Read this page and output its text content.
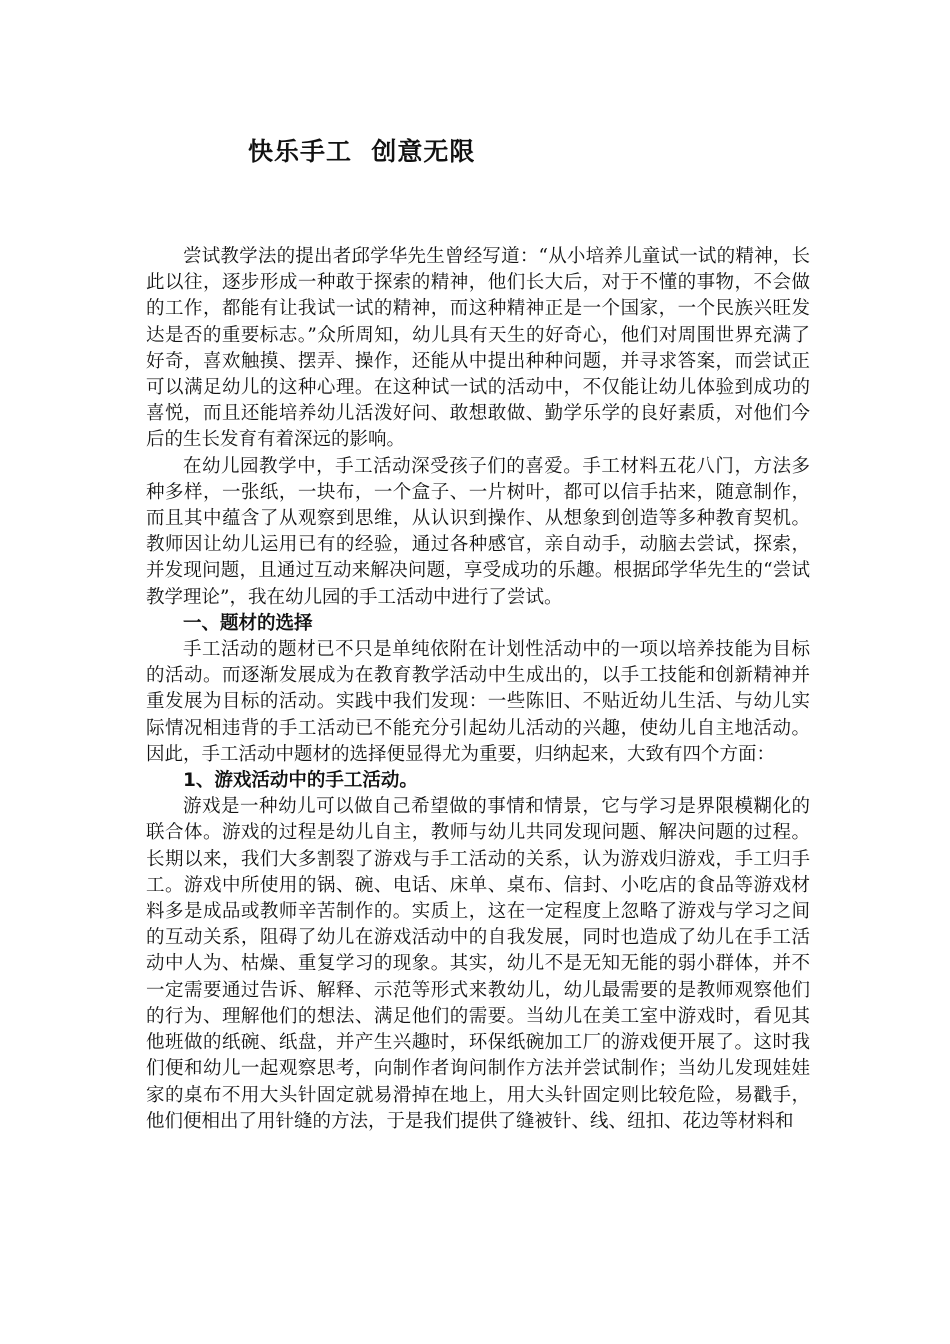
快乐手工  创意无限

尝试教学法的提出者邱学华先生曾经写道：“从小培养儿童试一试的精神，长此以往，逐步形成一种敢于探索的精神，他们长大后，对于不懂的事物，不会做的工作，都能有让我试一试的精神，而这种精神正是一个国家，一个民族兴旺发达是否的重要标志。”众所周知，幼儿具有天生的好奇心，他们对周围世界充满了好奇，喜欢触摸、摆弄、操作，还能从中提出种种问题，并寻求答案，而尝试正可以满足幼儿的这种心理。在这种试一试的活动中，不仅能让幼儿体验到成功的喜悦，而且还能培养幼儿活泼好问、敢想敢做、勤学乐学的良好素质，对他们今后的生长发育有着深远的影响。

在幼儿园教学中，手工活动深受孩子们的喜爱。手工材料五花八门，方法多种多样，一张纸，一块布，一个盒子、一片树叶，都可以信手拈来，随意制作，而且其中蕴含了从观察到思维，从认识到操作、从想象到创造等多种教育契机。教师因让幼儿运用已有的经验，通过各种感官，亲自动手，动脑去尝试，探索，并发现问题，且通过互动来解决问题，享受成功的乐趣。根据邱学华先生的“尝试教学理论”，我在幼儿园的手工活动中进行了尝试。

一、题材的选择

手工活动的题材已不只是单纯依附在计划性活动中的一项以培养技能为目标的活动。而逐渐发展成为在教育教学活动中生成出的，以手工技能和创新精神并重发展为目标的活动。实践中我们发现：一些陈旧、不贴近幼儿生活、与幼儿实际情况相违背的手工活动已不能充分引起幼儿活动的兴趣，使幼儿自主地活动。因此，手工活动中题材的选择便显得尤为重要，归纳起来，大致有四个方面：

1、游戏活动中的手工活动。

游戏是一种幼儿可以做自己希望做的事情和情景，它与学习是界限模糊化的联合体。游戏的过程是幼儿自主，教师与幼儿共同发现问题、解决问题的过程。长期以来，我们大多割裂了游戏与手工活动的关系，认为游戏归游戏，手工归手工。游戏中所使用的锅、碗、电话、床单、桌布、信封、小吃店的食品等游戏材料多是成品或教师辛苦制作的。实质上，这在一定程度上忽略了游戏与学习之间的互动关系，阻碍了幼儿在游戏活动中的自我发展，同时也造成了幼儿在手工活动中人为、枯燥、重复学习的现象。其实，幼儿不是无知无能的弱小群体，并不一定需要通过告诉、解释、示范等形式来教幼儿，幼儿最需要的是教师观察他们的行为、理解他们的想法、满足他们的需要。当幼儿在美工室中游戏时，看见其他班做的纸碗、纸盘，并产生兴趣时，环保纸碗加工厂的游戏便开展了。这时我们便和幼儿一起观察思考，向制作者询问制作方法并尝试制作；当幼儿发现娃娃家的桌布不用大头针固定就易滑掉在地上，用大头针固定则比较危险，易戳手，他们便相出了用针缝的方法，于是我们提供了缝被针、线、纽扣、花边等材料和
